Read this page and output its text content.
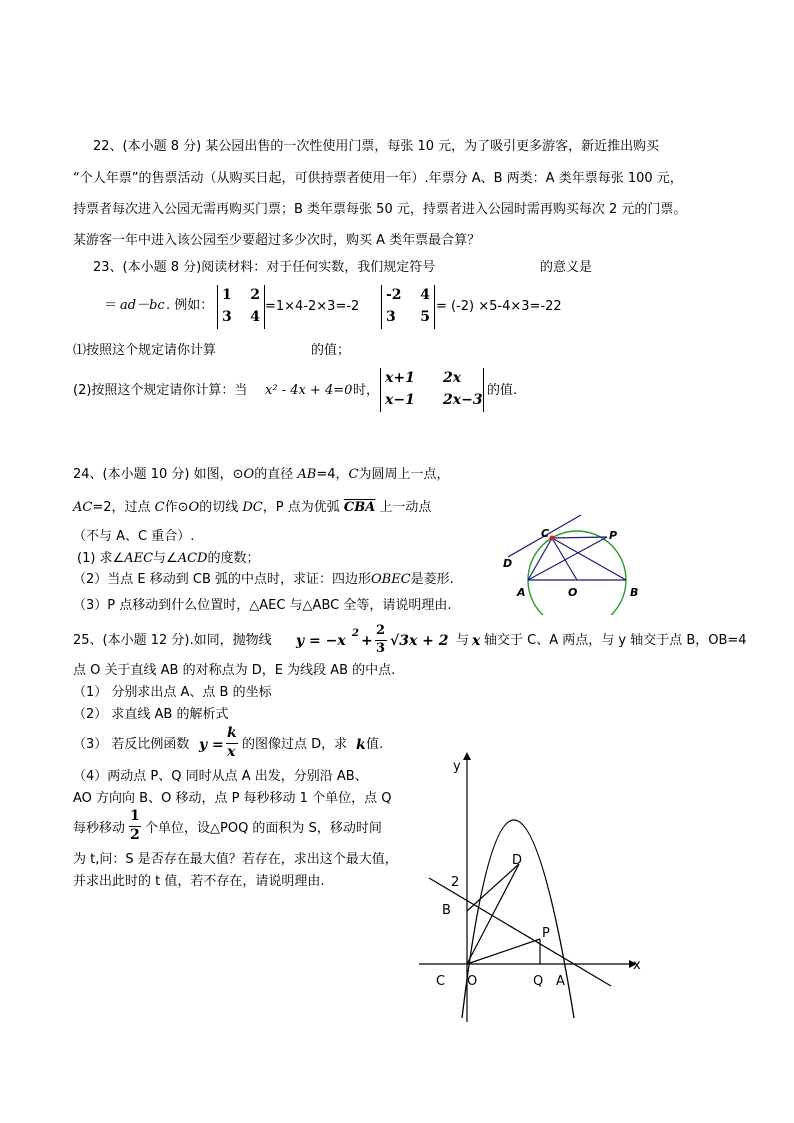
22、(本小题 8 分) 某公园出售的一次性使用门票，每张 10 元，为了吸引更多游客，新近推出购买
“个人年票”的售票活动（从购买日起，可供持票者使用一年）.年票分 A、B 两类：A 类年票每张 100 元，
持票者每次进入公园无需再购买门票；B 类年票每张 50 元，持票者进入公园时需再购买每次 2 元的门票。
某游客一年中进入该公园至少要超过多少次时，购买 A 类年票最合算？
23、(本小题 8 分)阅读材料：对于任何实数，我们规定符号	的意义是
＝ ad－bc . 例如：
1 2
3 4
=1×4-2×3=-2
-2 4
3 5
= (-2) ×5-4×3=-22
⑴按照这个规定请你计算	的值；
(2)按照这个规定请你计算：当 x² - 4x + 4=0 时，
x+1 2x
x−1 2x−3
的值.
24、(本小题 10 分) 如图，⊙O的直径 AB=4，C为圆周上一点，
AC=2，过点 C作⊙O的切线 DC，P 点为优弧 $\overline{CBA}$ 上一动点
（不与 A、C 重合）.
(1) 求∠AEC与∠ACD的度数；
（2）当点 E 移动到 CB 弧的中点时，求证：四边形OBEC是菱形.
（3）P 点移动到什么位置时，△AEC 与△ABC 全等，请说明理由.
C	P
D
A	O	B
25、(本小题 12 分).如同，抛物线 y = −x 2 +
2
3 √3x + 2 与 x 轴交于 C、A 两点，与 y 轴交于点 B，OB=4
点 O 关于直线 AB 的对称点为 D，E 为线段 AB 的中点.
（1） 分别求出点 A、点 B 的坐标
（2） 求直线 AB 的解析式
（3） 若反比例函数 y =
k
x 的图像过点 D，求 k 值.
（4）两动点 P、Q 同时从点 A 出发，分别沿 AB、
AO 方向向 B、O 移动，点 P 每秒移动 1 个单位，点 Q
每秒移动
1
2 个单位，设△POQ 的面积为 S，移动时间
为 t,问：S 是否存在最大值？若存在，求出这个最大值，
并求出此时的 t 值，若不存在，请说明理由.
y
x
D
2
B
P
C O	Q A
